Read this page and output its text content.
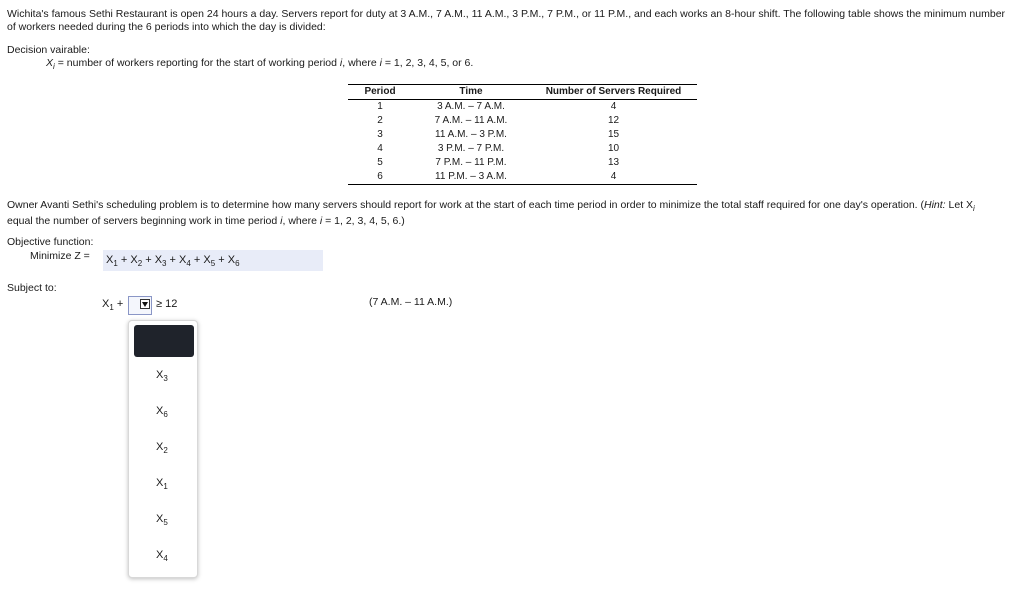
Wichita's famous Sethi Restaurant is open 24 hours a day. Servers report for duty at 3 A.M., 7 A.M., 11 A.M., 3 P.M., 7 P.M., or 11 P.M., and each works an 8-hour shift. The following table shows the minimum number of workers needed during the 6 periods into which the day is divided:

Decision vairable:

$X_i$ = number of workers reporting for the start of working period i, where i = 1, 2, 3, 4, 5, or 6.

Period	Time	Number of Servers Required
1	3 A.M. – 7 A.M.	4
2	7 A.M. – 11 A.M.	12
3	11 A.M. – 3 P.M.	15
4	3 P.M. – 7 P.M.	10
5	7 P.M. – 11 P.M.	13
6	11 P.M. – 3 A.M.	4

Owner Avanti Sethi's scheduling problem is to determine how many servers should report for work at the start of each time period in order to minimize the total staff required for one day's operation. (Hint: Let $X_i$
equal the number of servers beginning work in time period i, where i = 1, 2, 3, 4, 5, 6.)

Objective function:

Minimize $Z = X_1 + X_2 + X_3 + X_4 + X_5 + X_6$

Subject to:

$X_1$ +	≥ 12	(7 A.M. – 11 A.M.)

$X_3$
$X_6$
$X_2$
$X_1$
$X_5$
$X_4$
